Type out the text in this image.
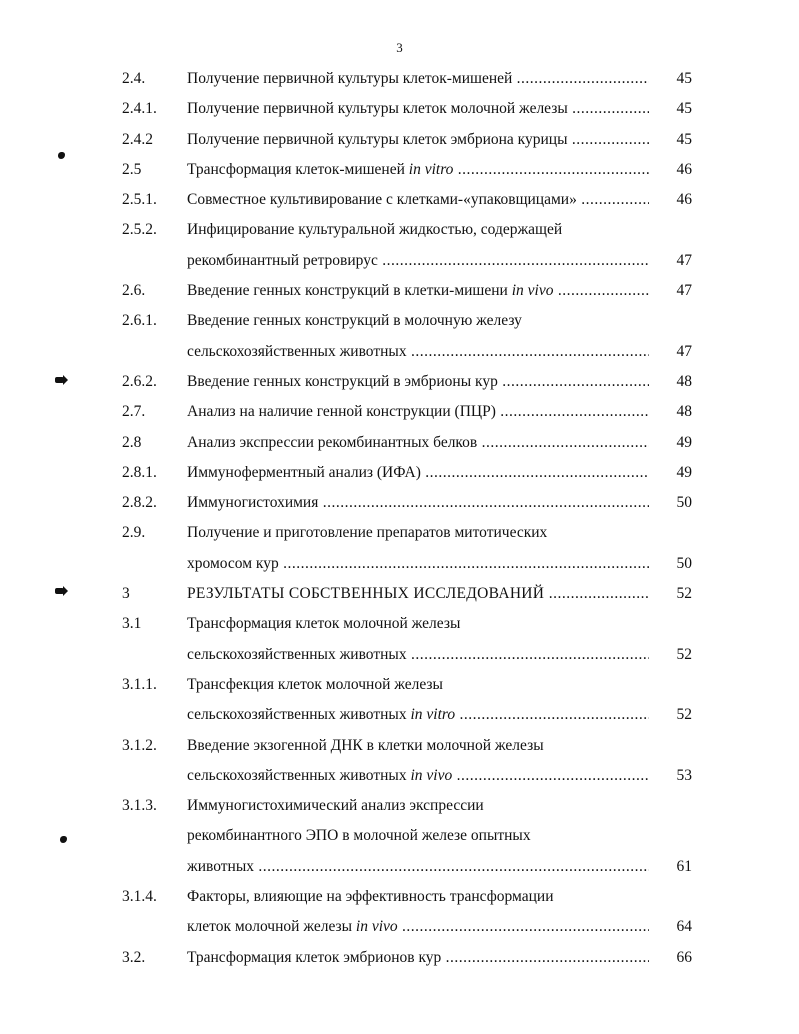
3
2.4.	Получение первичной культуры клеток-мишеней .....	45
2.4.1. Получение первичной культуры клеток молочной железы .....	45
2.4.2 Получение первичной культуры клеток эмбриона курицы .....	45
2.5	Трансформация клеток-мишеней in vitro .....	46
2.5.1. Совместное культивирование с клетками-«упаковщицами» .....	46
2.5.2. Инфицирование культуральной жидкостью, содержащей
рекомбинантный ретровирус .....	47
2.6.	Введение генных конструкций в клетки-мишени in vivo .....	47
2.6.1. Введение генных конструкций в молочную железу
сельскохозяйственных животных .....	47
2.6.2. Введение генных конструкций в эмбрионы кур .....	48
2.7.	Анализ на наличие генной конструкции (ПЦР) .....	48
2.8	Анализ экспрессии рекомбинантных белков .....	49
2.8.1. Иммуноферментный анализ (ИФА) .....	49
2.8.2. Иммуногистохимия .....	50
2.9.	Получение и приготовление препаратов митотических
хромосом кур .....	50
3	РЕЗУЛЬТАТЫ СОБСТВЕННЫХ ИССЛЕДОВАНИЙ .....	52
3.1	Трансформация клеток молочной железы
сельскохозяйственных животных .....	52
3.1.1. Трансфекция клеток молочной железы
сельскохозяйственных животных in vitro .....	52
3.1.2. Введение экзогенной ДНК в клетки молочной железы
сельскохозяйственных животных in vivo .....	53
3.1.3. Иммуногистохимический анализ экспрессии
рекомбинантного ЭПО в молочной железе опытных
животных .....	61
3.1.4. Факторы, влияющие на эффективность трансформации
клеток молочной железы in vivo .....	64
3.2.	Трансформация клеток эмбрионов кур .....	66
